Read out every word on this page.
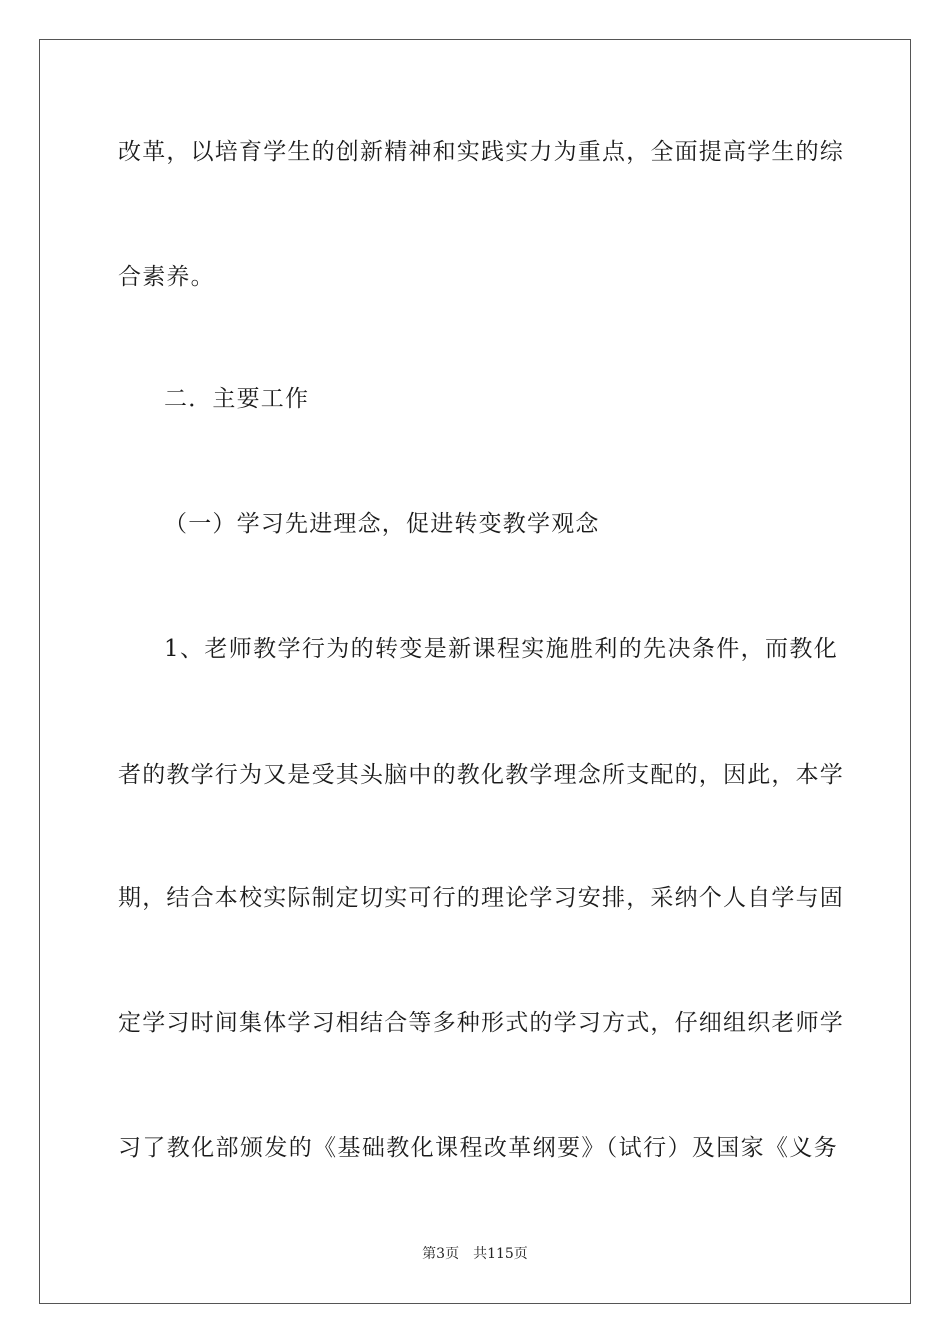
改革，以培育学生的创新精神和实践实力为重点，全面提高学生的综
合素养。
二．主要工作
（一）学习先进理念，促进转变教学观念
1、老师教学行为的转变是新课程实施胜利的先决条件，而教化
者的教学行为又是受其头脑中的教化教学理念所支配的，因此，本学
期，结合本校实际制定切实可行的理论学习安排，采纳个人自学与固
定学习时间集体学习相结合等多种形式的学习方式，仔细组织老师学
习了教化部颁发的《基础教化课程改革纲要》（试行）及国家《义务
第3页　共115页
